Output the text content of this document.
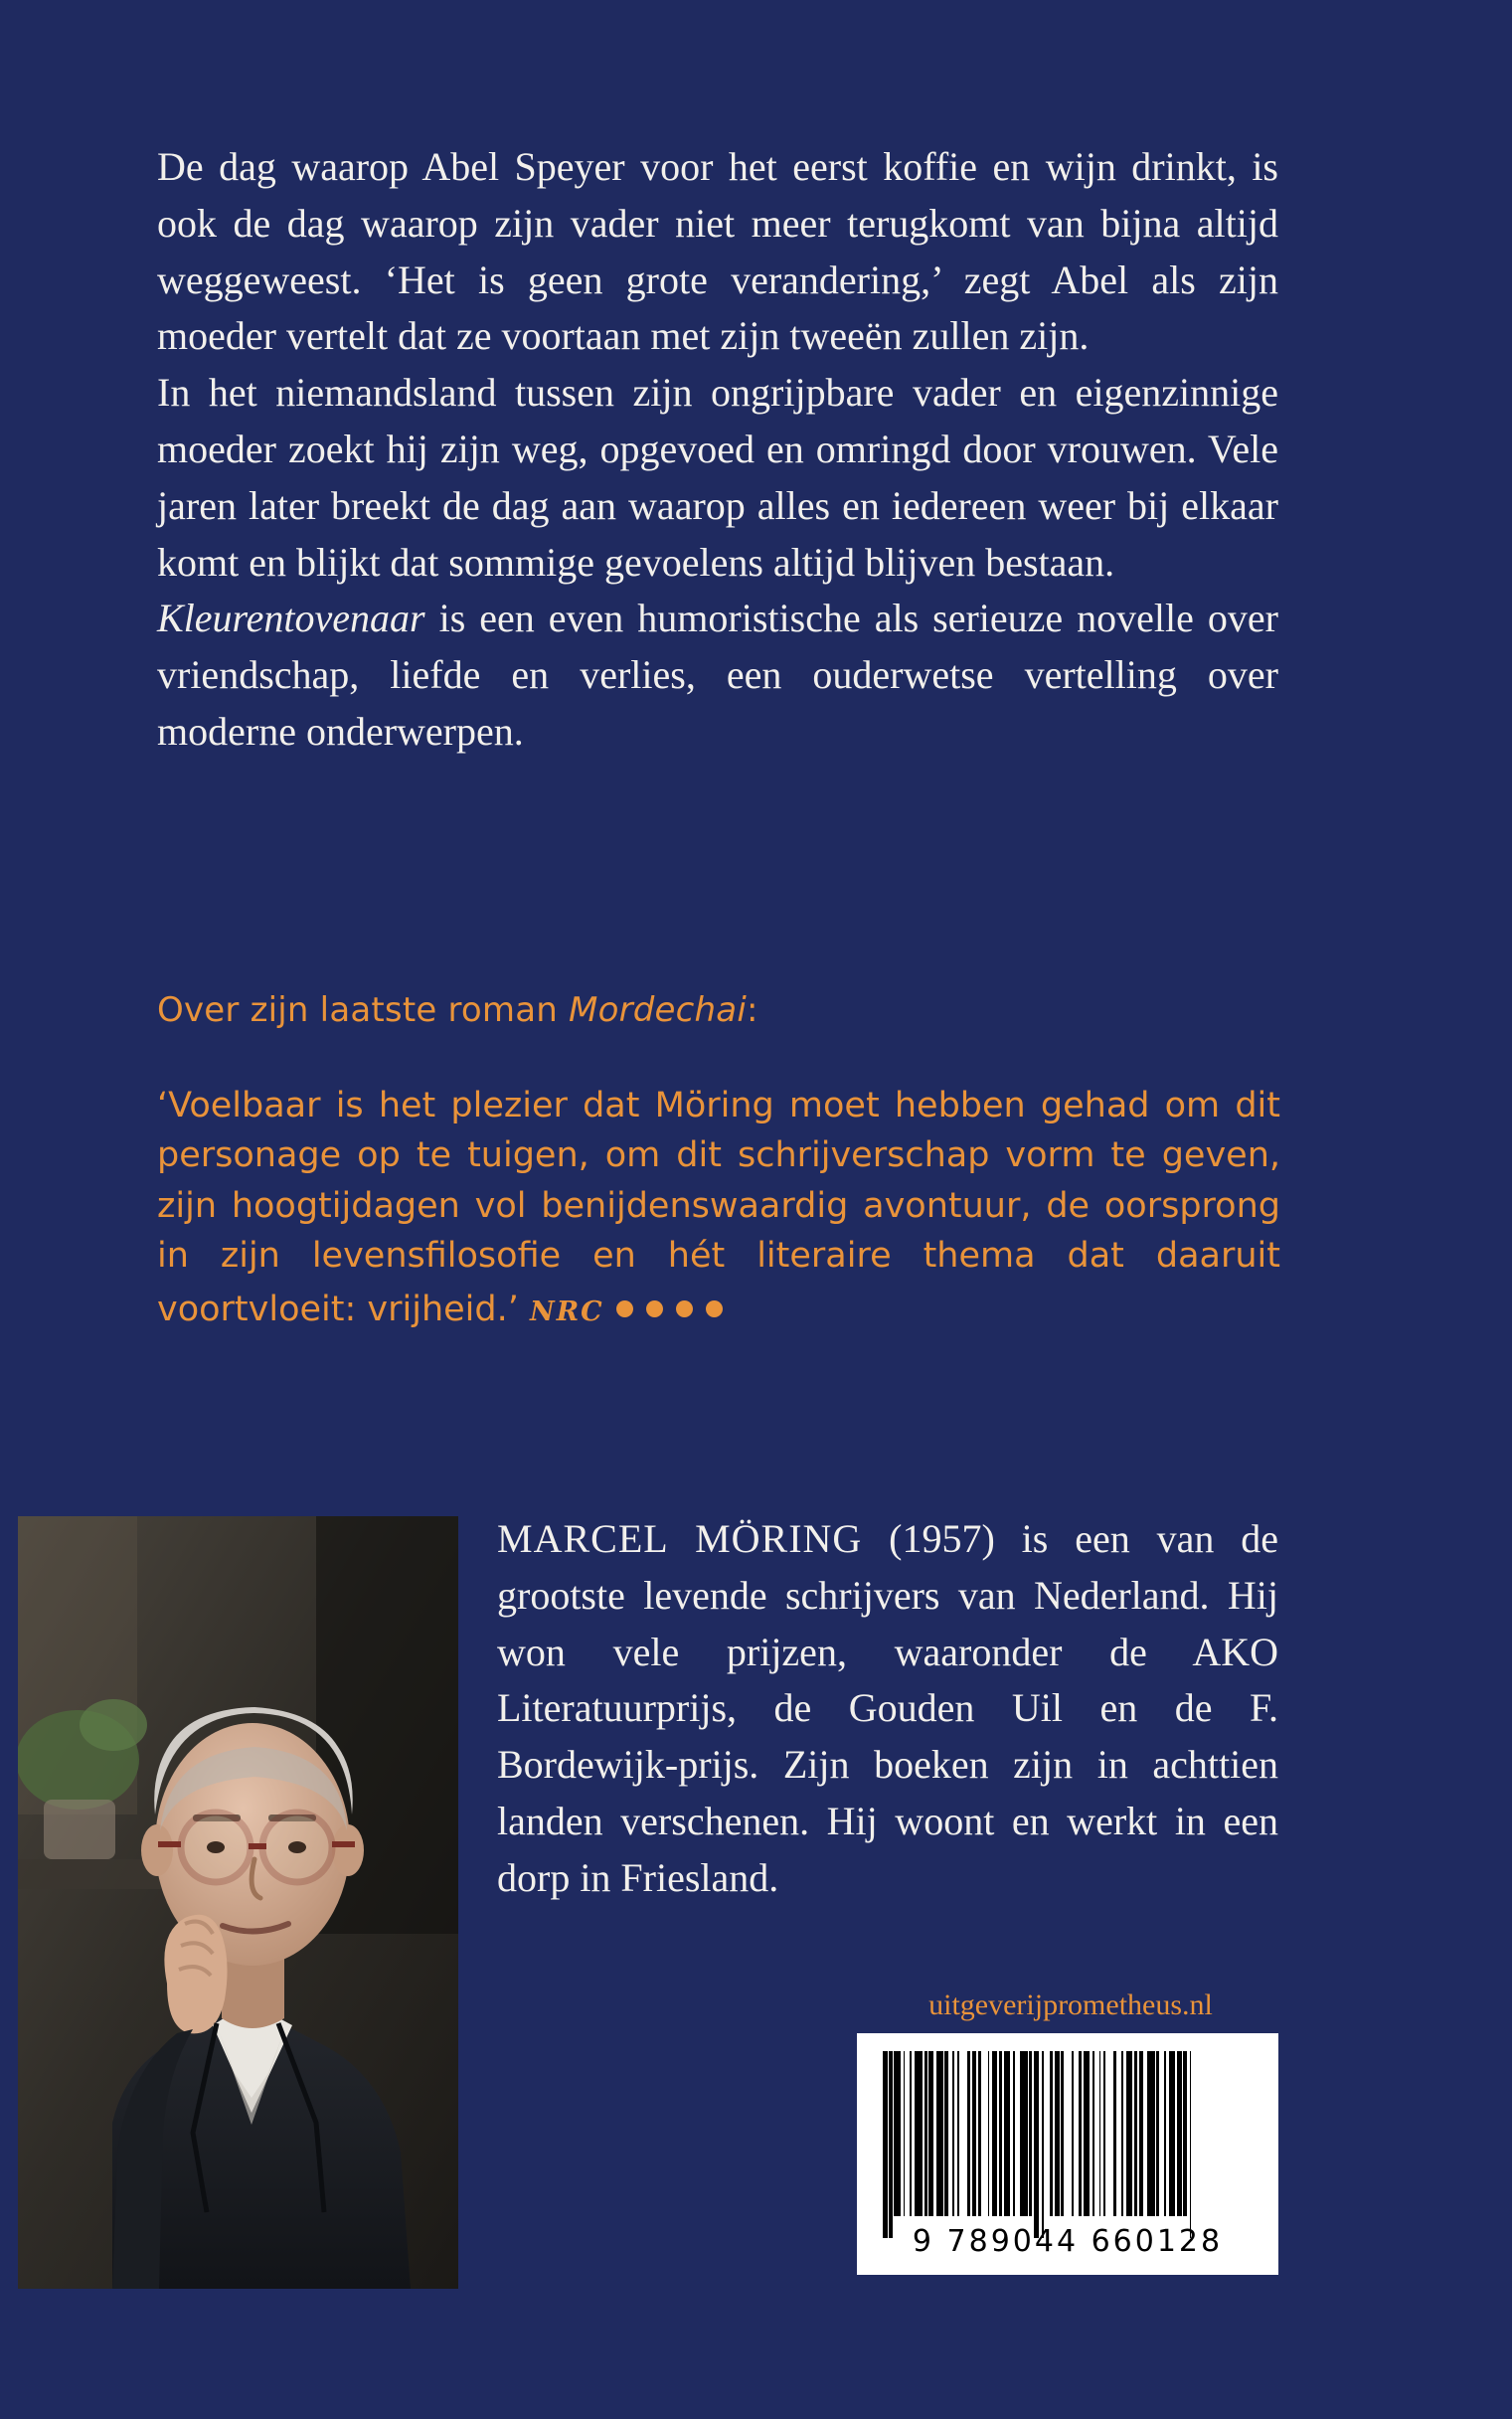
De dag waarop Abel Speyer voor het eerst koffie en wijn drinkt, is ook de dag waarop zijn vader niet meer terugkomt van bijna altijd weggeweest. ‘Het is geen grote verandering,’ zegt Abel als zijn moeder vertelt dat ze voortaan met zijn tweeën zullen zijn.

In het niemandsland tussen zijn ongrijpbare vader en eigenzinnige moeder zoekt hij zijn weg, opgevoed en omringd door vrouwen. Vele jaren later breekt de dag aan waarop alles en iedereen weer bij elkaar komt en blijkt dat sommige gevoelens altijd blijven bestaan.

Kleurentovenaar is een even humoristische als serieuze novelle over vriendschap, liefde en verlies, een ouderwetse vertelling over moderne onderwerpen.

Over zijn laatste roman Mordechai:
‘Voelbaar is het plezier dat Möring moet hebben gehad om dit personage op te tuigen, om dit schrijverschap vorm te geven, zijn hoogtijdagen vol benijdenswaardig avontuur, de oorsprong in zijn levensfilosofie en hét literaire thema dat daaruit voortvloeit: vrijheid.’ NRC
MARCEL MÖRING (1957) is een van de grootste levende schrijvers van Nederland. Hij won vele prijzen, waaronder de AKO Literatuurprijs, de Gouden Uil en de F. Bordewijk-prijs. Zijn boeken zijn in achttien landen verschenen. Hij woont en werkt in een dorp in Friesland.
uitgeverijprometheus.nl
9 789044 660128
